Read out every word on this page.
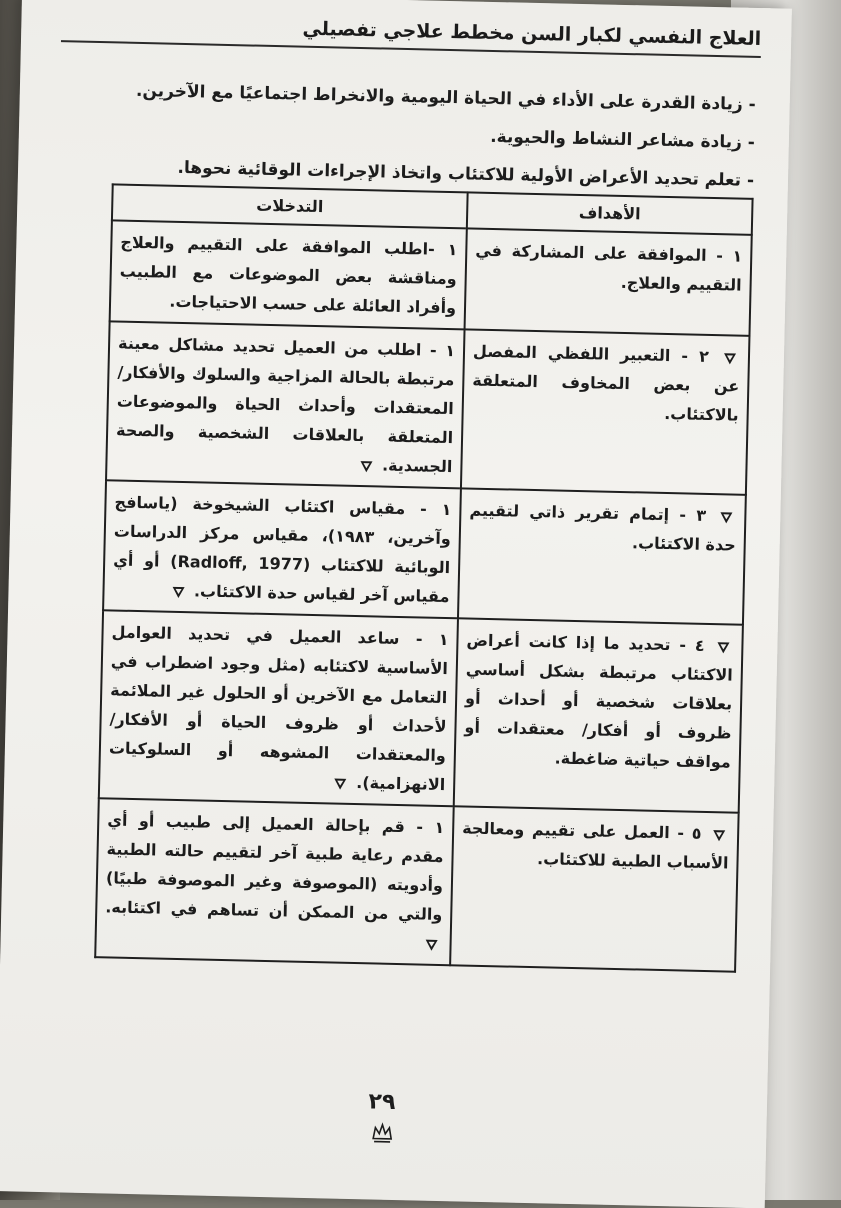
العلاج النفسي لكبار السن مخطط علاجي تفصيلي
- زيادة القدرة على الأداء في الحياة اليومية والانخراط اجتماعيًا مع الآخرين.
- زيادة مشاعر النشاط والحيوية.
- تعلم تحديد الأعراض الأولية للاكتئاب واتخاذ الإجراءات الوقائية نحوها.
الأهداف	التدخلات
١ - الموافقة على المشاركة في التقييم والعلاج.	١ -اطلب الموافقة على التقييم والعلاج ومناقشة بعض الموضوعات مع الطبيب وأفراد العائلة على حسب الاحتياجات.
٢ - التعبير اللفظي المفصل عن بعض المخاوف المتعلقة بالاكتئاب.	١ - اطلب من العميل تحديد مشاكل معينة مرتبطة بالحالة المزاجية والسلوك والأفكار/ المعتقدات وأحداث الحياة والموضوعات المتعلقة بالعلاقات الشخصية والصحة الجسدية.
٣ - إتمام تقرير ذاتي لتقييم حدة الاكتئاب.	١ - مقياس اكتئاب الشيخوخة (ياسافج وآخرين، ١٩٨٣)، مقياس مركز الدراسات الوبائية للاكتئاب (Radloff, 1977) أو أي مقياس آخر لقياس حدة الاكتئاب.
٤ - تحديد ما إذا كانت أعراض الاكتئاب مرتبطة بشكل أساسي بعلاقات شخصية أو أحداث أو ظروف أو أفكار/ معتقدات أو مواقف حياتية ضاغطة.	١ - ساعد العميل في تحديد العوامل الأساسية لاكتئابه (مثل وجود اضطراب في التعامل مع الآخرين أو الحلول غير الملائمة لأحداث أو ظروف الحياة أو الأفكار/ والمعتقدات المشوهه أو السلوكيات الانهزامية).
٥ - العمل على تقييم ومعالجة الأسباب الطبية للاكتئاب.	١ - قم بإحالة العميل إلى طبيب أو أي مقدم رعاية طبية آخر لتقييم حالته الطبية وأدويته (الموصوفة وغير الموصوفة طبيًا) والتي من الممكن أن تساهم في اكتئابه.
٢٩
